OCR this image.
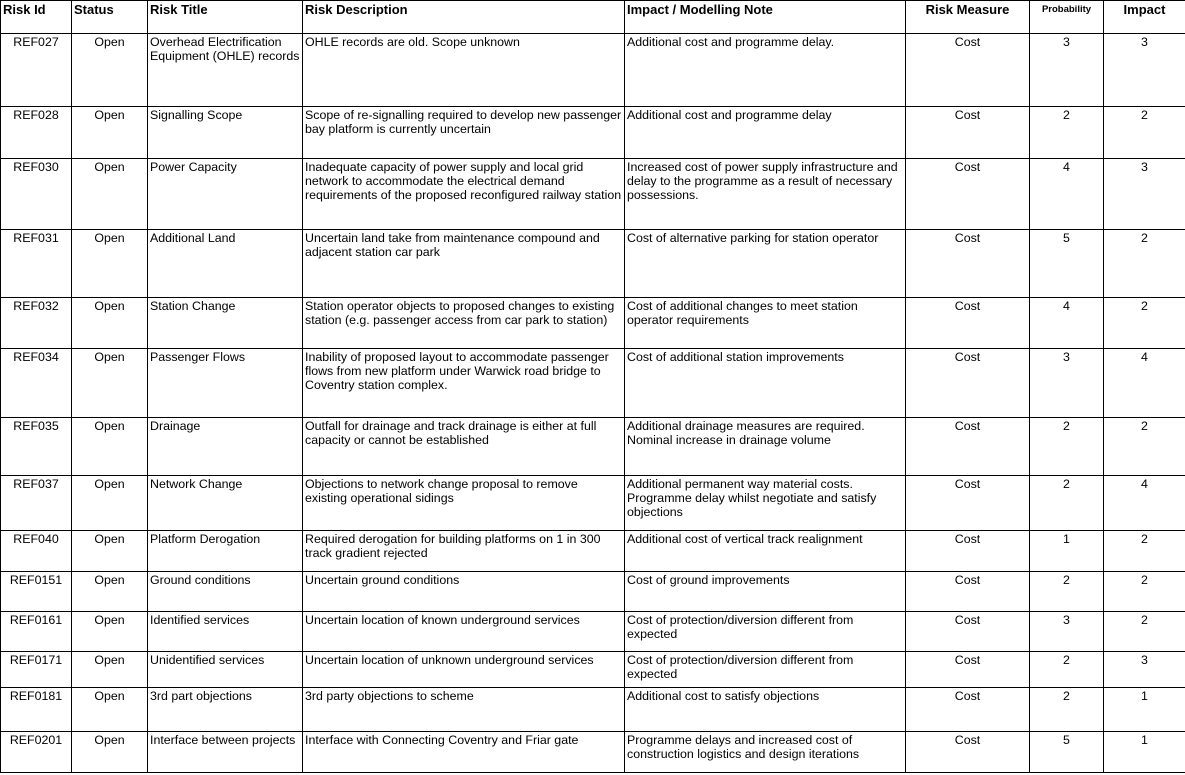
Risk Id	Status	Risk Title	Risk Description	Impact / Modelling Note	Risk Measure	Probability	Impact
REF027	Open	Overhead Electrification Equipment (OHLE) records	OHLE records are old. Scope unknown	Additional cost and programme delay.	Cost	3	3
REF028	Open	Signalling Scope	Scope of re-signalling required to develop new passenger bay platform is currently uncertain	Additional cost and programme delay	Cost	2	2
REF030	Open	Power Capacity	Inadequate capacity of power supply and local grid network to accommodate the electrical demand requirements of the proposed reconfigured railway station	Increased cost of power supply infrastructure and delay to the programme as a result of necessary possessions.	Cost	4	3
REF031	Open	Additional Land	Uncertain land take from maintenance compound and adjacent station car park	Cost of alternative parking for station operator	Cost	5	2
REF032	Open	Station Change	Station operator objects to proposed changes to existing station (e.g. passenger access from car park to station)	Cost of additional changes to meet station operator requirements	Cost	4	2
REF034	Open	Passenger Flows	Inability of proposed layout to accommodate passenger flows from new platform under Warwick road bridge to Coventry station complex.	Cost of additional station improvements	Cost	3	4
REF035	Open	Drainage	Outfall for drainage and track drainage is either at full capacity or cannot be established	Additional drainage measures are required. Nominal increase in drainage volume	Cost	2	2
REF037	Open	Network Change	Objections to network change proposal to remove existing operational sidings	Additional permanent way material costs. Programme delay whilst negotiate and satisfy objections	Cost	2	4
REF040	Open	Platform Derogation	Required derogation for building platforms on 1 in 300 track gradient rejected	Additional cost of vertical track realignment	Cost	1	2
REF0151	Open	Ground conditions	Uncertain ground conditions	Cost of ground improvements	Cost	2	2
REF0161	Open	Identified services	Uncertain location of known underground services	Cost of protection/diversion different from expected	Cost	3	2
REF0171	Open	Unidentified services	Uncertain location of unknown underground services	Cost of protection/diversion different from expected	Cost	2	3
REF0181	Open	3rd part objections	3rd party objections to scheme	Additional cost to satisfy objections	Cost	2	1
REF0201	Open	Interface between projects	Interface with Connecting Coventry and Friar gate	Programme delays and increased cost of construction logistics and design iterations	Cost	5	1
